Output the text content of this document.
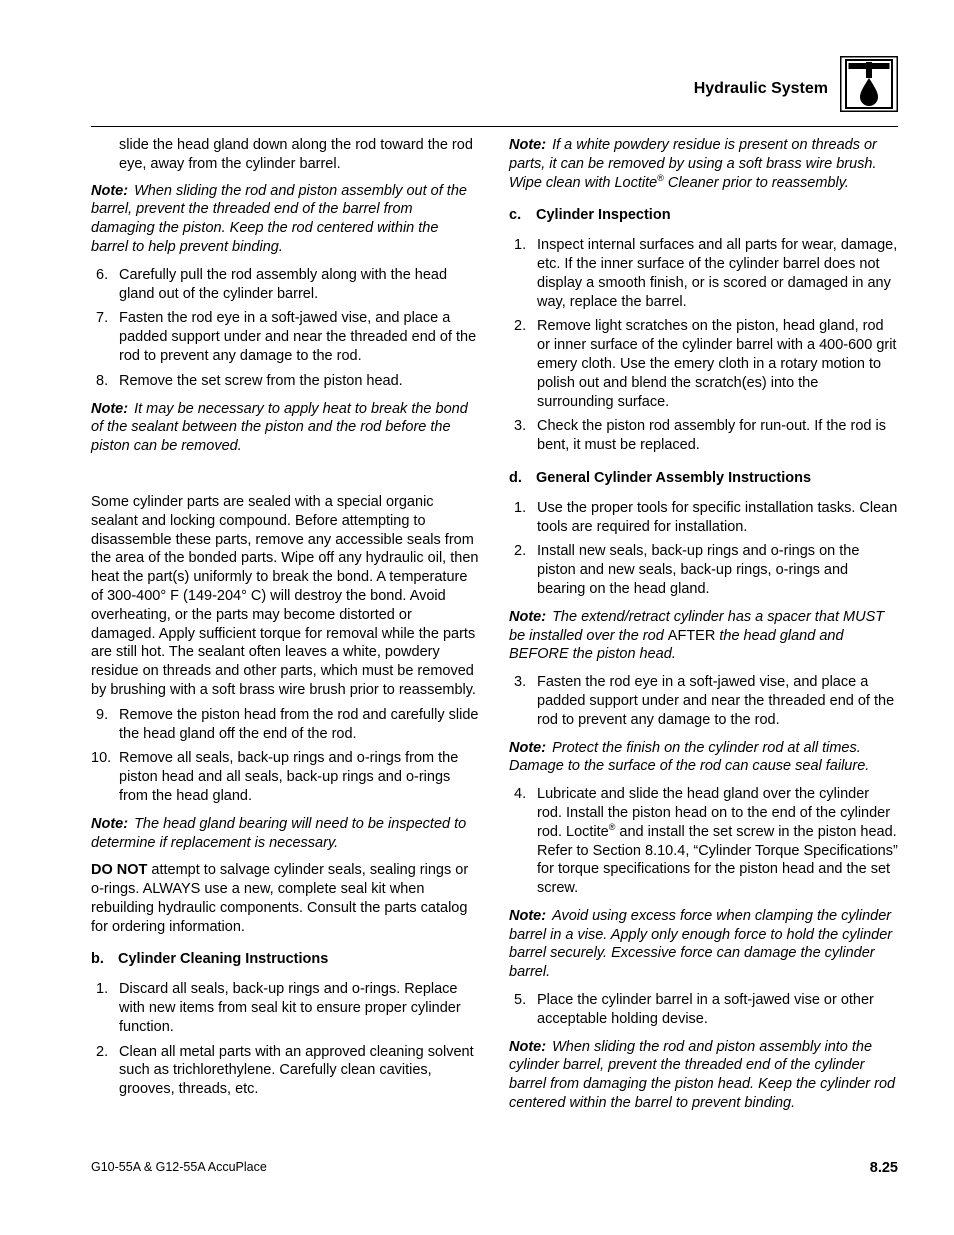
Hydraulic System

slide the head gland down along the rod toward the rod eye, away from the cylinder barrel.

Note: When sliding the rod and piston assembly out of the barrel, prevent the threaded end of the barrel from damaging the piston. Keep the rod centered within the barrel to help prevent binding.

6. Carefully pull the rod assembly along with the head gland out of the cylinder barrel.
7. Fasten the rod eye in a soft-jawed vise, and place a padded support under and near the threaded end of the rod to prevent any damage to the rod.
8. Remove the set screw from the piston head.

Note: It may be necessary to apply heat to break the bond of the sealant between the piston and the rod before the piston can be removed.

Some cylinder parts are sealed with a special organic sealant and locking compound. Before attempting to disassemble these parts, remove any accessible seals from the area of the bonded parts. Wipe off any hydraulic oil, then heat the part(s) uniformly to break the bond. A temperature of 300-400° F (149-204° C) will destroy the bond. Avoid overheating, or the parts may become distorted or damaged. Apply sufficient torque for removal while the parts are still hot. The sealant often leaves a white, powdery residue on threads and other parts, which must be removed by brushing with a soft brass wire brush prior to reassembly.

9. Remove the piston head from the rod and carefully slide the head gland off the end of the rod.
10. Remove all seals, back-up rings and o-rings from the piston head and all seals, back-up rings and o-rings from the head gland.

Note: The head gland bearing will need to be inspected to determine if replacement is necessary.

DO NOT attempt to salvage cylinder seals, sealing rings or o-rings. ALWAYS use a new, complete seal kit when rebuilding hydraulic components. Consult the parts catalog for ordering information.

b. Cylinder Cleaning Instructions
1. Discard all seals, back-up rings and o-rings. Replace with new items from seal kit to ensure proper cylinder function.
2. Clean all metal parts with an approved cleaning solvent such as trichlorethylene. Carefully clean cavities, grooves, threads, etc.

Note: If a white powdery residue is present on threads or parts, it can be removed by using a soft brass wire brush. Wipe clean with Loctite® Cleaner prior to reassembly.

c. Cylinder Inspection
1. Inspect internal surfaces and all parts for wear, damage, etc. If the inner surface of the cylinder barrel does not display a smooth finish, or is scored or damaged in any way, replace the barrel.
2. Remove light scratches on the piston, head gland, rod or inner surface of the cylinder barrel with a 400-600 grit emery cloth. Use the emery cloth in a rotary motion to polish out and blend the scratch(es) into the surrounding surface.
3. Check the piston rod assembly for run-out. If the rod is bent, it must be replaced.
d. General Cylinder Assembly Instructions
1. Use the proper tools for specific installation tasks. Clean tools are required for installation.
2. Install new seals, back-up rings and o-rings on the piston and new seals, back-up rings, o-rings and bearing on the head gland.

Note: The extend/retract cylinder has a spacer that MUST be installed over the rod AFTER the head gland and BEFORE the piston head.

3. Fasten the rod eye in a soft-jawed vise, and place a padded support under and near the threaded end of the rod to prevent any damage to the rod.

Note: Protect the finish on the cylinder rod at all times. Damage to the surface of the rod can cause seal failure.

4. Lubricate and slide the head gland over the cylinder rod. Install the piston head on to the end of the cylinder rod. Loctite® and install the set screw in the piston head. Refer to Section 8.10.4, “Cylinder Torque Specifications” for torque specifications for the piston head and the set screw.

Note: Avoid using excess force when clamping the cylinder barrel in a vise. Apply only enough force to hold the cylinder barrel securely. Excessive force can damage the cylinder barrel.

5. Place the cylinder barrel in a soft-jawed vise or other acceptable holding devise.

Note: When sliding the rod and piston assembly into the cylinder barrel, prevent the threaded end of the cylinder barrel from damaging the piston head. Keep the cylinder rod centered within the barrel to prevent binding.

G10-55A & G12-55A AccuPlace	8.25
